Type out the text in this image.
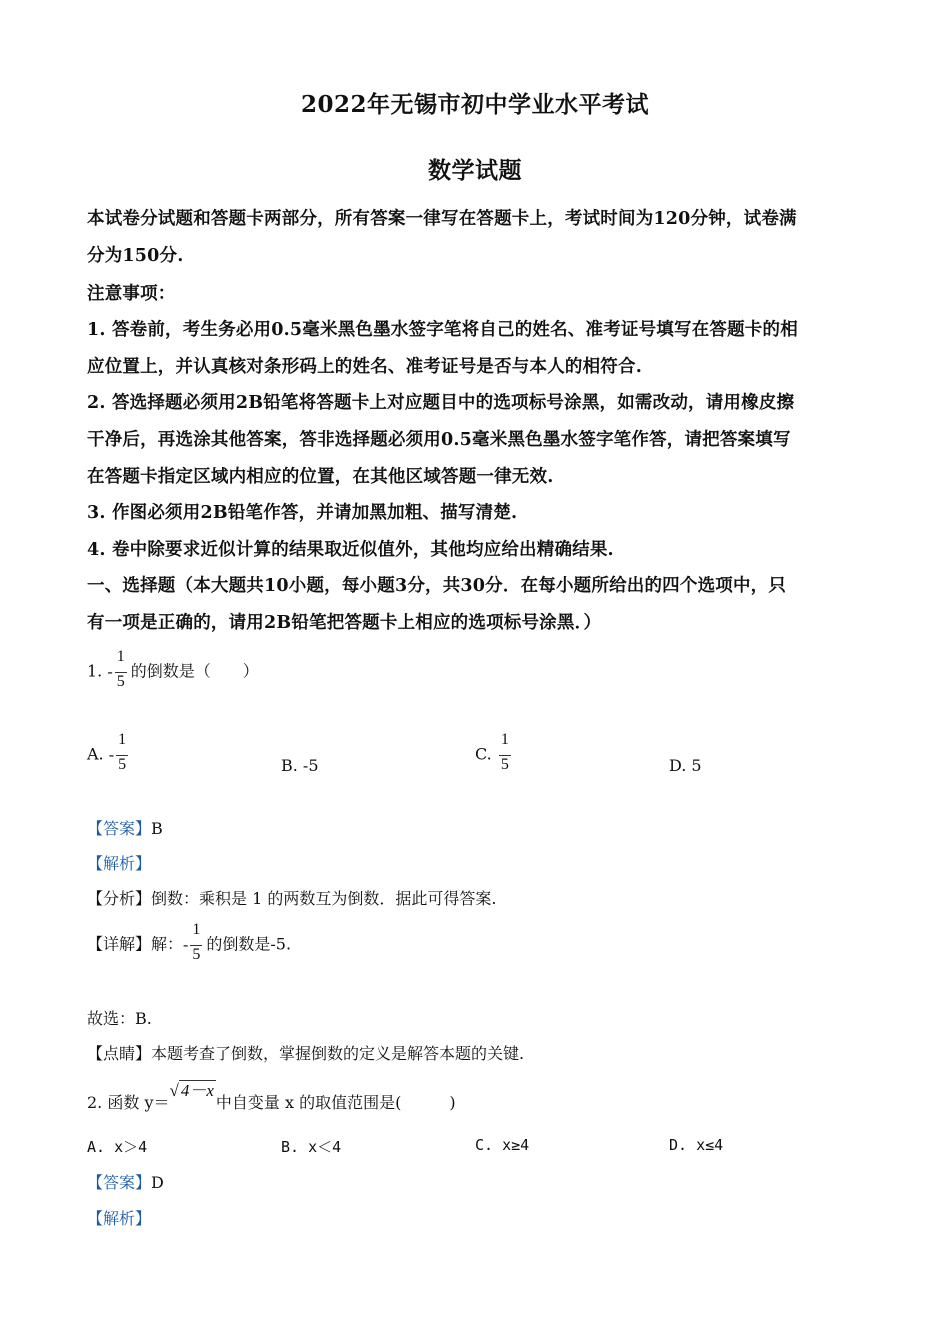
2022年无锡市初中学业水平考试
数学试题
本试卷分试题和答题卡两部分，所有答案一律写在答题卡上，考试时间为120分钟，试卷满
分为150分.
注意事项：
1. 答卷前，考生务必用0.5毫米黑色墨水签字笔将自己的姓名、准考证号填写在答题卡的相
应位置上，并认真核对条形码上的姓名、准考证号是否与本人的相符合.
2. 答选择题必须用2B铅笔将答题卡上对应题目中的选项标号涂黑，如需改动，请用橡皮擦
干净后，再选涂其他答案，答非选择题必须用0.5毫米黑色墨水签字笔作答，请把答案填写
在答题卡指定区域内相应的位置，在其他区域答题一律无效.
3. 作图必须用2B铅笔作答，并请加黑加粗、描写清楚.
4. 卷中除要求近似计算的结果取近似值外，其他均应给出精确结果.
一、选择题（本大题共10小题，每小题3分，共30分．在每小题所给出的四个选项中，只
有一项是正确的，请用2B铅笔把答题卡上相应的选项标号涂黑．）
1. - $\frac{1}{5}$ 的倒数是（　　）
A. - $\frac{1}{5}$	B. -5
C. $\frac{1}{5}$	D. 5
【答案】B
【解析】
【分析】倒数：乘积是 1 的两数互为倒数．据此可得答案.
【详解】解：- $\frac{1}{5}$ 的倒数是-5.
故选：B.
【点睛】本题考查了倒数，掌握倒数的定义是解答本题的关键.
2. 函数 y＝√ 4－x中自变量 x 的取值范围是(　　　)
A. x＞4	B. x＜4	C. x≥4	D. x≤4
【答案】D
【解析】
